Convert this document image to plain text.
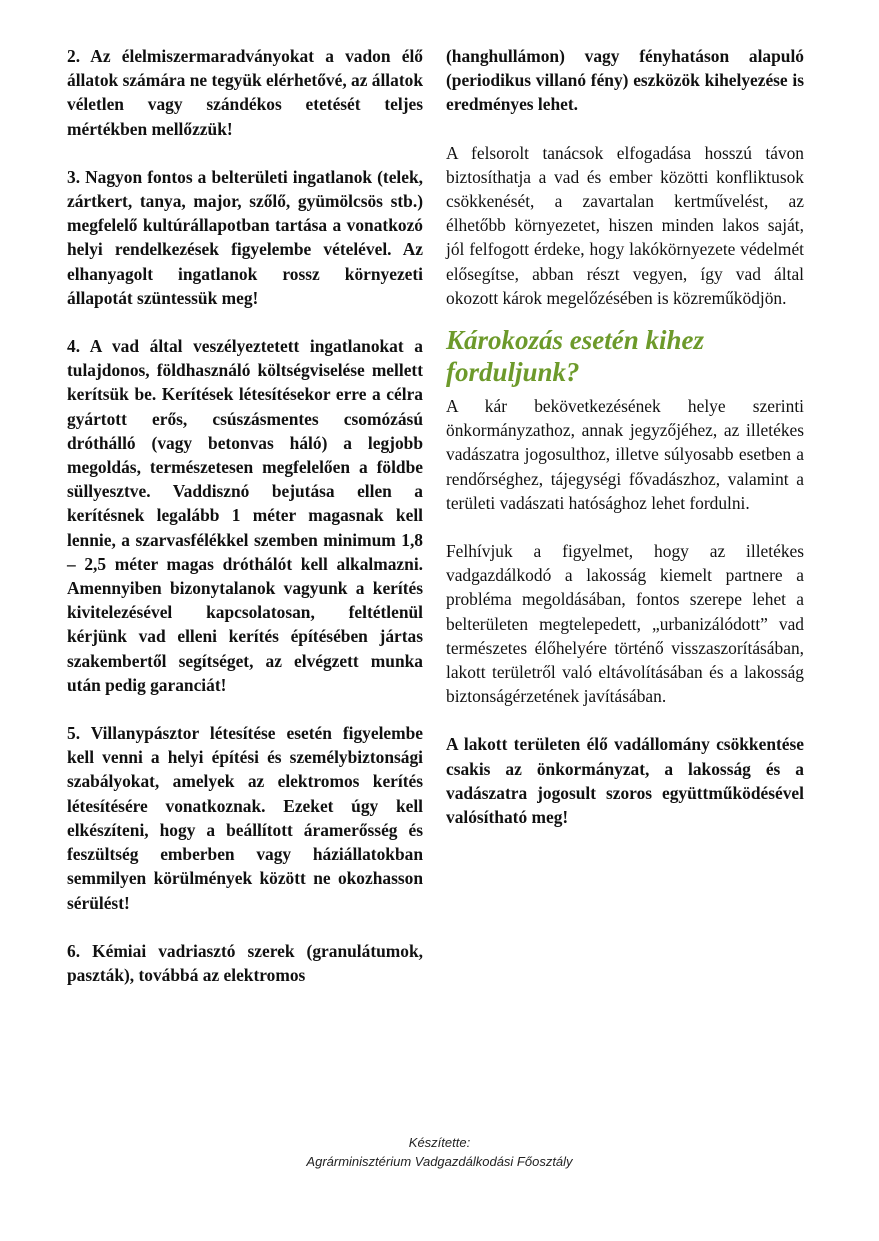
2. Az élelmiszermaradványokat a vadon élő állatok számára ne tegyük elérhetővé, az állatok véletlen vagy szándékos etetését teljes mértékben mellőzzük!

3. Nagyon fontos a belterületi ingatlanok (telek, zártkert, tanya, major, szőlő, gyümölcsös stb.) megfelelő kultúrállapotban tartása a vonatkozó helyi rendelkezések figyelembe vételével. Az elhanyagolt ingatlanok rossz környezeti állapotát szüntessük meg!

4. A vad által veszélyeztetett ingatlanokat a tulajdonos, földhasználó költségviselése mellett kerítsük be. Kerítések létesítésekor erre a célra gyártott erős, csúszásmentes csomózású dróthálló (vagy betonvas háló) a legjobb megoldás, természetesen megfelelően a földbe süllyesztve. Vaddisznó bejutása ellen a kerítésnek legalább 1 méter magasnak kell lennie, a szarvasfélékkel szemben minimum 1,8 – 2,5 méter magas dróthálót kell alkalmazni. Amennyiben bizonytalanok vagyunk a kerítés kivitelezésével kapcsolatosan, feltétlenül kérjünk vad elleni kerítés építésében jártas szakembertől segítséget, az elvégzett munka után pedig garanciát!

5. Villanypásztor létesítése esetén figyelembe kell venni a helyi építési és személybiztonsági szabályokat, amelyek az elektromos kerítés létesítésére vonatkoznak. Ezeket úgy kell elkészíteni, hogy a beállított áramerősség és feszültség emberben vagy háziállatokban semmilyen körülmények között ne okozhasson sérülést!

6. Kémiai vadriasztó szerek (granulátumok, paszták), továbbá az elektromos

(hanghullámon) vagy fényhatáson alapuló (periodikus villanó fény) eszközök kihelyezése is eredményes lehet.

A felsorolt tanácsok elfogadása hosszú távon biztosíthatja a vad és ember közötti konfliktusok csökkenését, a zavartalan kertművelést, az élhetőbb környezetet, hiszen minden lakos saját, jól felfogott érdeke, hogy lakókörnyezete védelmét elősegítse, abban részt vegyen, így vad által okozott károk megelőzésében is közreműködjön.

Károkozás esetén kihez forduljunk?

A kár bekövetkezésének helye szerinti önkormányzathoz, annak jegyzőjéhez, az illetékes vadászatra jogosulthoz, illetve súlyosabb esetben a rendőrséghez, tájegységi fővadászhoz, valamint a területi vadászati hatósághoz lehet fordulni.

Felhívjuk a figyelmet, hogy az illetékes vadgazdálkodó a lakosság kiemelt partnere a probléma megoldásában, fontos szerepe lehet a belterületen megtelepedett, „urbanizálódott” vad természetes élőhelyére történő visszaszorításában, lakott területről való eltávolításában és a lakosság biztonságérzetének javításában.

A lakott területen élő vadállomány csökkentése csakis az önkormányzat, a lakosság és a vadászatra jogosult szoros együttműködésével valósítható meg!

Készítette:
Agrárminisztérium Vadgazdálkodási Főosztály
